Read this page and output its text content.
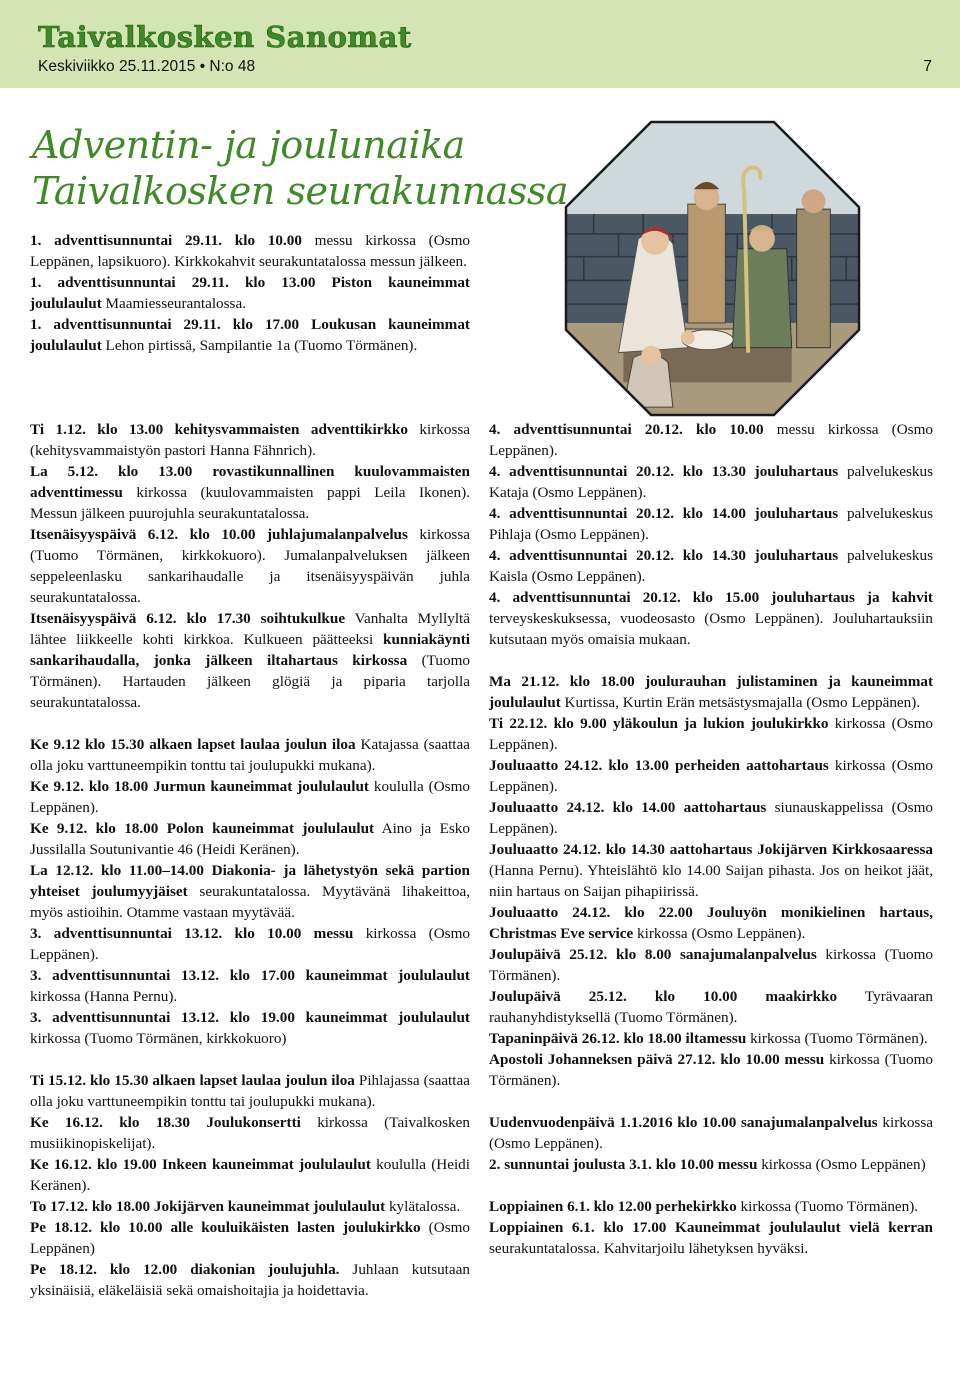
Taivalkosken Sanomat
Keskiviikko 25.11.2015 • N:o 48	7
Adventin- ja joulunaika
Taivalkosken seurakunnassa

1. adventtisunnuntai 29.11. klo 10.00 messu kirkossa (Osmo Leppänen, lapsikuoro). Kirkkokahvit seurakuntatalossa messun jälkeen.

1. adventtisunnuntai 29.11. klo 13.00 Piston kauneimmat joululaulut Maamiesseurantalossa.

1. adventtisunnuntai 29.11. klo 17.00 Loukusan kauneimmat joululaulut Lehon pirtissä, Sampilantie 1a (Tuomo Törmänen).

Ti 1.12. klo 13.00 kehitysvammaisten adventtikirkko kirkossa (kehitysvammaistyön pastori Hanna Fähnrich).

La 5.12. klo 13.00 rovastikunnallinen kuulovammaisten adventtimessu kirkossa (kuulovammaisten pappi Leila Ikonen). Messun jälkeen puurojuhla seurakuntatalossa.

Itsenäisyyspäivä 6.12. klo 10.00 juhlajumalanpalvelus kirkossa (Tuomo Törmänen, kirkkokuoro). Jumalanpalveluksen jälkeen seppeleenlasku sankarihaudalle ja itsenäisyyspäivän juhla seurakuntatalossa.

Itsenäisyyspäivä 6.12. klo 17.30 soihtukulkue Vanhalta Myllyltä lähtee liikkeelle kohti kirkkoa. Kulkueen päätteeksi kunniakäynti sankarihaudalla, jonka jälkeen iltahartaus kirkossa (Tuomo Törmänen). Hartauden jälkeen glögiä ja piparia tarjolla seurakuntatalossa.

Ke 9.12 klo 15.30 alkaen lapset laulaa joulun iloa Katajassa (saattaa olla joku varttuneempikin tonttu tai joulupukki mukana).

Ke 9.12. klo 18.00 Jurmun kauneimmat joululaulut koululla (Osmo Leppänen).

Ke 9.12. klo 18.00 Polon kauneimmat joululaulut Aino ja Esko Jussilalla Soutunivantie 46 (Heidi Keränen).

La 12.12. klo 11.00–14.00 Diakonia- ja lähetystyön sekä partion yhteiset joulumyyjäiset seurakuntatalossa. Myytävänä lihakeittoa, myös astioihin. Otamme vastaan myytävää.

3. adventtisunnuntai 13.12. klo 10.00 messu kirkossa (Osmo Leppänen).

3. adventtisunnuntai 13.12. klo 17.00 kauneimmat joululaulut kirkossa (Hanna Pernu).

3. adventtisunnuntai 13.12. klo 19.00 kauneimmat joululaulut kirkossa (Tuomo Törmänen, kirkkokuoro)

Ti 15.12. klo 15.30 alkaen lapset laulaa joulun iloa Pihlajassa (saattaa olla joku varttuneempikin tonttu tai joulupukki mukana).

Ke 16.12. klo 18.30 Joulukonsertti kirkossa (Taivalkosken musiikinopiskelijat).

Ke 16.12. klo 19.00 Inkeen kauneimmat joululaulut koululla (Heidi Keränen).

To 17.12. klo 18.00 Jokijärven kauneimmat joululaulut kylätalossa.

Pe 18.12. klo 10.00 alle kouluikäisten lasten joulukirkko (Osmo Leppänen)

Pe 18.12. klo 12.00 diakonian joulujuhla. Juhlaan kutsutaan yksinäisiä, eläkeläisiä sekä omaishoitajia ja hoidettavia.

4. adventtisunnuntai 20.12. klo 10.00 messu kirkossa (Osmo Leppänen).

4. adventtisunnuntai 20.12. klo 13.30 jouluhartaus palvelukeskus Kataja (Osmo Leppänen).

4. adventtisunnuntai 20.12. klo 14.00 jouluhartaus palvelukeskus Pihlaja (Osmo Leppänen).

4. adventtisunnuntai 20.12. klo 14.30 jouluhartaus palvelukeskus Kaisla (Osmo Leppänen).

4. adventtisunnuntai 20.12. klo 15.00 jouluhartaus ja kahvit terveyskeskuksessa, vuodeosasto (Osmo Leppänen). Jouluhartauksiin kutsutaan myös omaisia mukaan.

Ma 21.12. klo 18.00 joulurauhan julistaminen ja kauneimmat joululaulut Kurtissa, Kurtin Erän metsästysmajalla (Osmo Leppänen).

Ti 22.12. klo 9.00 yläkoulun ja lukion joulukirkko kirkossa (Osmo Leppänen).

Jouluaatto 24.12. klo 13.00 perheiden aattohartaus kirkossa (Osmo Leppänen).

Jouluaatto 24.12. klo 14.00 aattohartaus siunauskappelissa (Osmo Leppänen).

Jouluaatto 24.12. klo 14.30 aattohartaus Jokijärven Kirkkosaaressa (Hanna Pernu). Yhteislähtö klo 14.00 Saijan pihasta. Jos on heikot jäät, niin hartaus on Saijan pihapiirissä.

Jouluaatto 24.12. klo 22.00 Jouluyön monikielinen hartaus, Christmas Eve service kirkossa (Osmo Leppänen).

Joulupäivä 25.12. klo 8.00 sanajumalanpalvelus kirkossa (Tuomo Törmänen).

Joulupäivä 25.12. klo 10.00 maakirkko Tyrävaaran rauhanyhdistyksellä (Tuomo Törmänen).

Tapaninpäivä 26.12. klo 18.00 iltamessu kirkossa (Tuomo Törmänen).

Apostoli Johanneksen päivä 27.12. klo 10.00 messu kirkossa (Tuomo Törmänen).

Uudenvuodenpäivä 1.1.2016 klo 10.00 sanajumalanpalvelus kirkossa (Osmo Leppänen).

2. sunnuntai joulusta 3.1. klo 10.00 messu kirkossa (Osmo Leppänen)

Loppiainen 6.1. klo 12.00 perhekirkko kirkossa (Tuomo Törmänen).

Loppiainen 6.1. klo 17.00 Kauneimmat joululaulut vielä kerran seurakuntatalossa. Kahvitarjoilu lähetyksen hyväksi.
